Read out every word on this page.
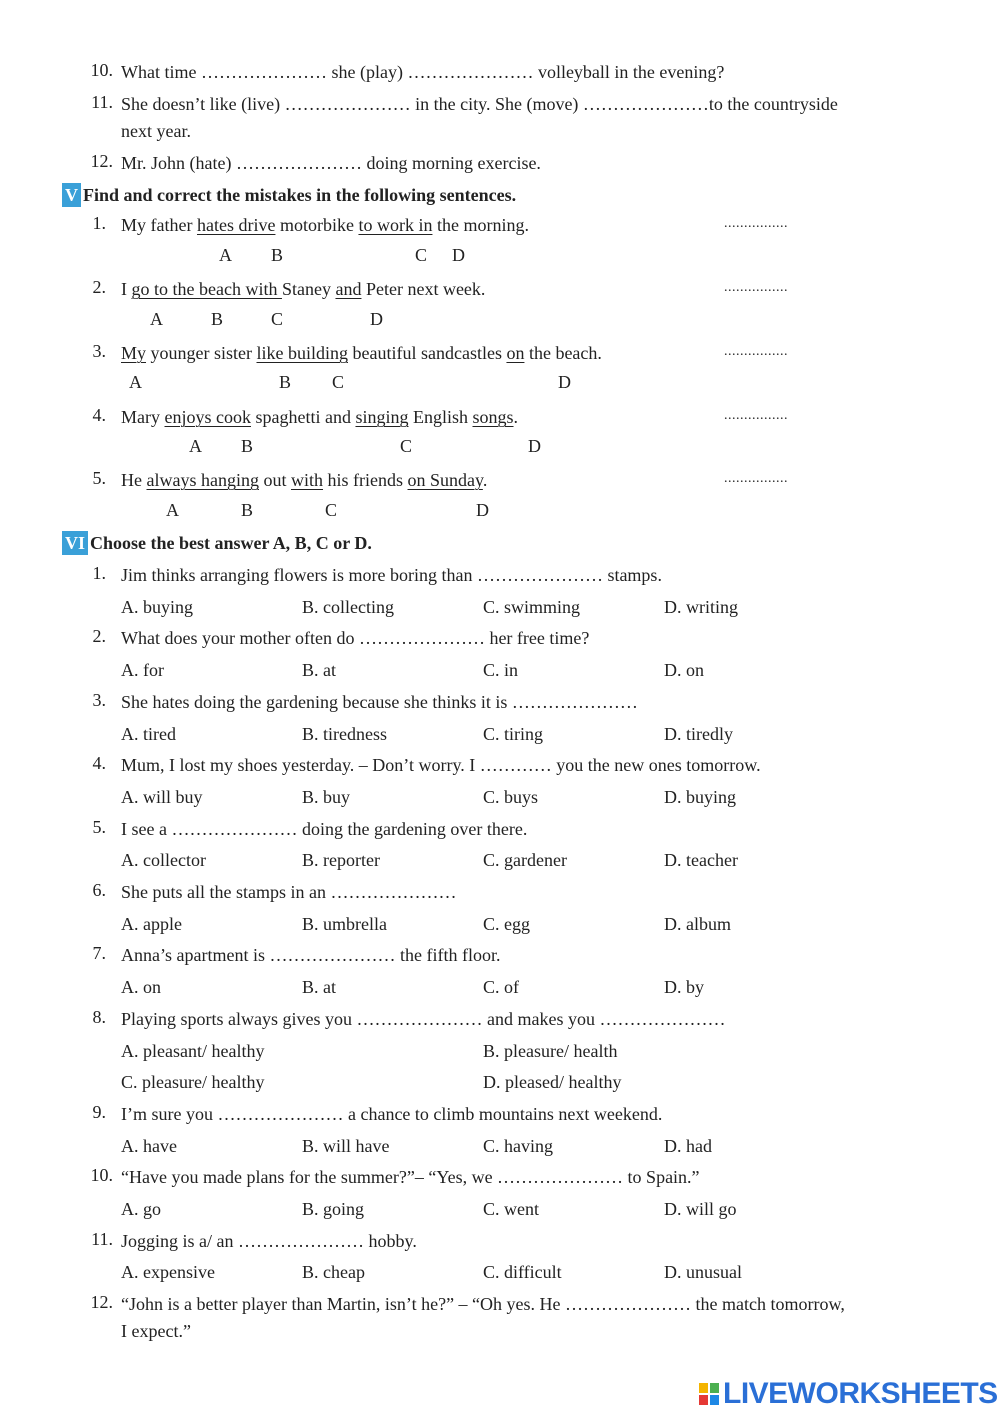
10. What time ………………… she (play) ………………… volleyball in the evening?
11. She doesn’t like (live) ………………… in the city. She (move) …………………to the countryside
next year.
12. Mr. John (hate) ………………… doing morning exercise.
V Find and correct the mistakes in the following sentences.
1. My father hates drive motorbike to work in the morning.	................
A B	C D
2. I go to the beach with Staney and Peter next week.	................
A	B	C	D
3. My younger sister like building beautiful sandcastles on the beach.	................
A	B C	D
4. Mary enjoys cook spaghetti and singing English songs.	................
A B	C	D
5. He always hanging out with his friends on Sunday.	................
A	B	C	D
VI Choose the best answer A, B, C or D.
1. Jim thinks arranging flowers is more boring than ………………… stamps.
A. buying	B. collecting	C. swimming	D. writing
2. What does your mother often do ………………… her free time?
A. for	B. at	C. in	D. on
3. She hates doing the gardening because she thinks it is …………………
A. tired	B. tiredness	C. tiring	D. tiredly
4. Mum, I lost my shoes yesterday. – Don’t worry. I ………… you the new ones tomorrow.
A. will buy	B. buy	C. buys	D. buying
5. I see a ………………… doing the gardening over there.
A. collector	B. reporter	C. gardener	D. teacher
6. She puts all the stamps in an …………………
A. apple	B. umbrella	C. egg	D. album
7. Anna’s apartment is ………………… the fifth floor.
A. on	B. at	C. of	D. by
8. Playing sports always gives you ………………… and makes you …………………
A. pleasant/ healthy	B. pleasure/ health
C. pleasure/ healthy	D. pleased/ healthy
9. I’m sure you ………………… a chance to climb mountains next weekend.
A. have	B. will have	C. having	D. had
10. “Have you made plans for the summer?”– “Yes, we ………………… to Spain.”
A. go	B. going	C. went	D. will go
11. Jogging is a/ an ………………… hobby.
A. expensive	B. cheap	C. difficult	D. unusual
12. “John is a better player than Martin, isn’t he?” – “Oh yes. He ………………… the match tomorrow,
I expect.”
LIVEWORKSHEETS
